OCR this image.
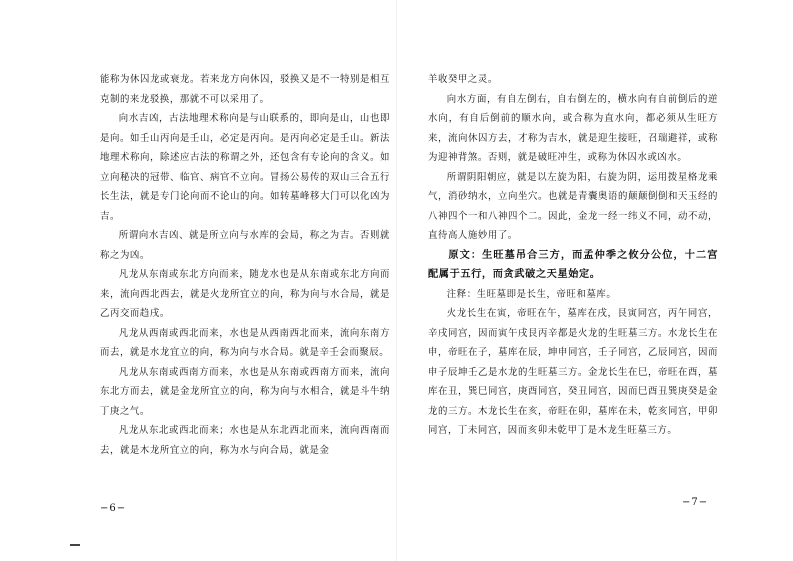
能称为休囚龙或衰龙。若来龙方向休囚，驳换又是不一特别是相互克制的来龙驳换，那就不可以采用了。

向水吉凶，古法地理术称向是与山联系的，即向是山，山也即是向。如壬山丙向是壬山，必定是丙向。是丙向必定是壬山。新法地理术称向，除述应古法的称谓之外，还包含有专论向的含义。如立向秘决的冠带、临官、病官不立向。冒扬公易传的双山三合五行长生法，就是专门论向而不论山的向。如转墓峰移大门可以化凶为吉。

所谓向水吉凶、就是所立向与水库的会局，称之为吉。否则就称之为凶。

凡龙从东南或东北方向而来，随龙水也是从东南或东北方向而来，流向西北西去，就是火龙所宜立的向，称为向与水合局，就是乙丙交而趋戌。

凡龙从西南或西北而来，水也是从西南西北而来，流向东南方而去，就是水龙宜立的向，称为向与水合局。就是辛壬会而聚辰。

凡龙从东南或西南方而来，水也是从东南或西南方而来，流向东北方而去，就是金龙所宜立的向，称为向与水相合，就是斗牛纳丁庚之气。

凡龙从东北或西北而来；水也是从东北西北而来，流向西南而去，就是木龙所宜立的向，称为水与向合局，就是金

−6−

羊收癸甲之灵。

向水方面，有自左倒右，自右倒左的，横水向有自前倒后的逆水向，有自后倒前的顺水向，或合称为直水向，都必须从生旺方来，流向休囚方去，才称为吉水，就是迎生接旺，召瑞避祥，或称为迎神背煞。否则，就是破旺冲生，或称为休囚水或凶水。

所谓阴阳朝应，就是以左旋为阳，右旋为阴，运用拨星格龙乘气，消砂纳水，立向坐穴。也就是青囊奥语的颠颠倒倒和天玉经的八神四个一和八神四个二。因此，金龙一经一纬义不同，动不动，直待高人施妙用了。

原文：生旺墓吊合三方，而孟仲季之攸分公位，十二宫配属于五行，而贪武破之天星始定。

注释：生旺墓即是长生，帝旺和墓库。

火龙长生在寅，帝旺在午，墓库在戌，艮寅同宫，丙午同宫，辛戌同宫，因而寅午戌艮丙辛都是火龙的生旺墓三方。水龙长生在申，帝旺在子，墓库在辰，坤申同宫，壬子同宫，乙辰同宫，因而申子辰坤壬乙是水龙的生旺墓三方。金龙长生在巳，帝旺在酉，墓库在丑，巽巳同宫，庚酉同宫，癸丑同宫，因而巳酉丑巽庚癸是金龙的三方。木龙长生在亥，帝旺在卯，墓库在未，乾亥同宫，甲卯同宫，丁未同宫，因而亥卯未乾甲丁是木龙生旺墓三方。

−7−
